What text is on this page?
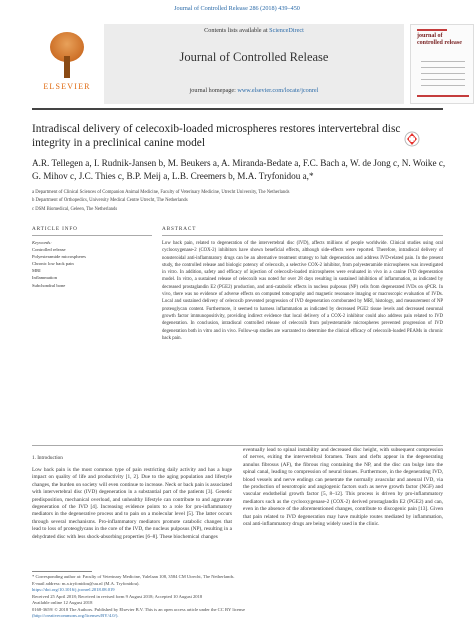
Journal of Controlled Release 286 (2018) 439–450
ELSEVIER
Contents lists available at ScienceDirect
Journal of Controlled Release
journal homepage: www.elsevier.com/locate/jconrel
journal of controlled release
Intradiscal delivery of celecoxib-loaded microspheres restores intervertebral disc integrity in a preclinical canine model
A.R. Tellegen a, I. Rudnik-Jansen b, M. Beukers a, A. Miranda-Bedate a, F.C. Bach a, W. de Jong c, N. Woike c, G. Mihov c, J.C. Thies c, B.P. Meij a, L.B. Creemers b, M.A. Tryfonidou a,*
a Department of Clinical Sciences of Companion Animal Medicine, Faculty of Veterinary Medicine, Utrecht University, The Netherlands
b Department of Orthopedics, University Medical Centre Utrecht, The Netherlands
c DSM Biomedical, Geleen, The Netherlands
ARTICLE INFO	ABSTRACT
Keywords:
Controlled release
Polyesteramide microspheres
Chronic low back pain
MRI
Inflammation
Subchondral bone
Low back pain, related to degeneration of the intervertebral disc (IVD), affects millions of people worldwide. Clinical studies using oral cyclooxygenase-2 (COX-2) inhibitors have shown beneficial effects, although side-effects were reported. Therefore, intradiscal delivery of nonsteroidal anti-inflammatory drugs can be an alternative treatment strategy to halt degeneration and address IVD-related pain. In the present study, the controlled release and biologic potency of celecoxib, a selective COX-2 inhibitor, from polyesteramide microspheres was investigated in vitro. In addition, safety and efficacy of injection of celecoxib-loaded microspheres were evaluated in vivo in a canine IVD degeneration model. In vitro, a sustained release of celecoxib was noted for over 28 days resulting in sustained inhibition of inflammation, as indicated by decreased prostaglandin E2 (PGE2) production, and anti-catabolic effects in nucleus pulposus (NP) cells from degenerated IVDs on qPCR. In vivo, there was no evidence of adverse effects on computed tomography and magnetic resonance imaging or macroscopic evaluation of IVDs. Local and sustained delivery of celecoxib prevented progression of IVD degeneration corroborated by MRI, histology, and measurement of NP proteoglycan content. Furthermore, it seemed to harness inflammation as indicated by decreased PGE2 tissue levels and decreased neuronal growth factor immunopositivity, providing indirect evidence that local delivery of a COX-2 inhibitor could also address pain related to IVD degeneration. In conclusion, intradiscal controlled release of celecoxib from polyesteramide microspheres prevented progression of IVD degeneration both in vitro and in vivo. Follow-up studies are warranted to determine the clinical efficacy of celecoxib-loaded PEAMs in chronic back pain.
1. Introduction
Low back pain is the most common type of pain restricting daily activity and has a huge impact on quality of life and productivity [1, 2]. Due to the aging population and lifestyle changes, the burden on society will even continue to increase. Neck or back pain is associated with intervertebral disc (IVD) degeneration in a substantial part of the patients [3]. Genetic predisposition, mechanical overload, and unhealthy lifestyle can contribute to and aggravate degeneration of the IVD [4]. Increasing evidence points to a role for pro-inflammatory mediators in the degenerative process and to pain on a molecular level [5]. The latter occurs through several mechanisms. Pro-inflammatory mediators promote catabolic changes that lead to loss of proteoglycans in the core of the IVD, the nucleus pulposus (NP), resulting in a dehydrated disc with less shock-absorbing properties [6–8]. These biochemical changes
eventually lead to spinal instability and decreased disc height, with subsequent compression of nerves, exiting the intervertebral foramen. Tears and clefts appear in the degenerating annulus fibrosus (AF), the fibrous ring containing the NP, and the disc can bulge into the spinal canal, leading to compression of neural tissues. Furthermore, in the degenerating IVD, blood vessels and nerve endings can penetrate the normally avascular and aneural IVD, via the production of neurotropic and angiogenic factors such as nerve growth factor (NGF) and vascular endothelial growth factor [5, 8–12]. This process is driven by pro-inflammatory mediators such as the cyclooxygenase-2 (COX-2) derived prostaglandin E2 (PGE2) and can, even in the absence of the aforementioned changes, contribute to discogenic pain [13]. Given that pain related to IVD degeneration may have multiple routes mediated by inflammation, oral anti-inflammatory drugs are being widely used in the clinic.
* Corresponding author at: Faculty of Veterinary Medicine, Yalelaan 108, 3584 CM Utrecht, The Netherlands.
E-mail address: m.a.tryfonidou@uu.nl (M.A. Tryfonidou).
https://doi.org/10.1016/j.jconrel.2018.08.019
Received 25 April 2018; Received in revised form 9 August 2018; Accepted 10 August 2018
Available online 12 August 2018
0168-3659/ © 2018 The Authors. Published by Elsevier B.V. This is an open access article under the CC BY license
(http://creativecommons.org/licenses/BY/4.0/).
